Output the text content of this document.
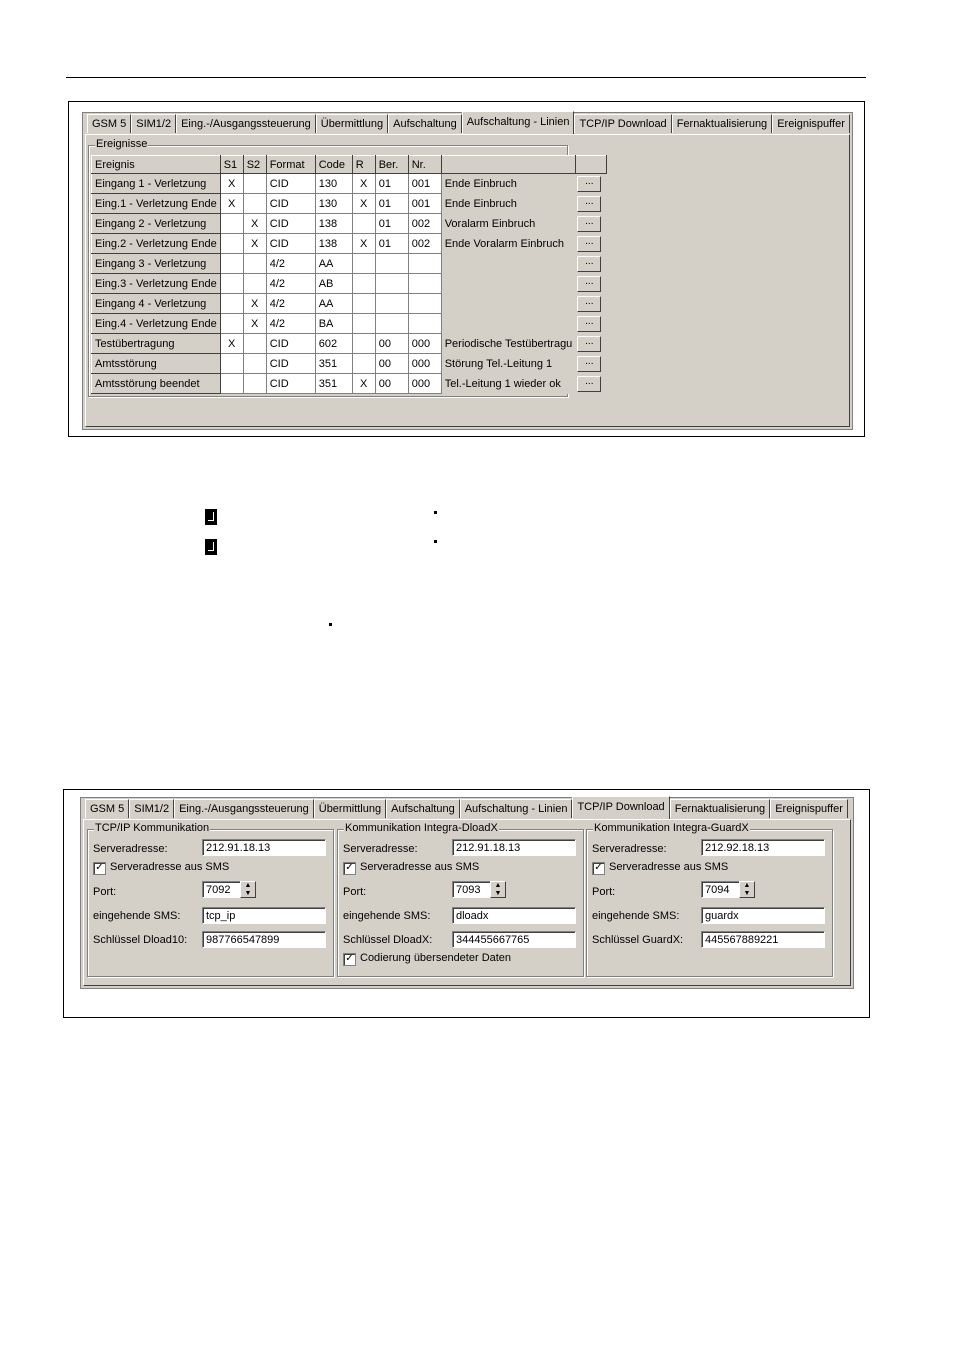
GSM 5 SIM1/2 Eing.-/Ausgangssteuerung Übermittlung Aufschaltung Aufschaltung - Linien TCP/IP Download Fernaktualisierung Ereignispuffer
Ereignisse
Ereignis	S1	S2	Format	Code	R	Ber.	Nr.		
Eingang 1 - Verletzung	X		CID	130	X	01	001	Ende Einbruch	...

Eing.1 - Verletzung Ende	X		CID	130	X	01	001	Ende Einbruch	...

Eingang 2 - Verletzung		X	CID	138		01	002	Voralarm Einbruch	...

Eing.2 - Verletzung Ende		X	CID	138	X	01	002	Ende Voralarm Einbruch	...

Eingang 3 - Verletzung			4/2	AA					...

Eing.3 - Verletzung Ende			4/2	AB					...

Eingang 4 - Verletzung		X	4/2	AA					...

Eing.4 - Verletzung Ende		X	4/2	BA					...

Testübertragung	X		CID	602		00	000	Periodische Testübertragu	...

Amtsstörung			CID	351		00	000	Störung Tel.-Leitung 1	...

Amtsstörung beendet			CID	351	X	00	000	Tel.-Leitung 1 wieder ok	...
GSM 5 SIM1/2 Eing.-/Ausgangssteuerung Übermittlung Aufschaltung Aufschaltung - Linien TCP/IP Download Fernaktualisierung Ereignispuffer
TCP/IP Kommunikation
Serveradresse:	212.91.18.13
✓ Serveradresse aus SMS
Port:	7092	▲
▼
eingehende SMS:	tcp_ip
Schlüssel Dload10:	987766547899
Kommunikation Integra-DloadX
Serveradresse:	212.91.18.13
✓ Serveradresse aus SMS
Port:	7093	▲
▼
eingehende SMS:	dloadx
Schlüssel DloadX:	344455667765
✓ Codierung übersendeter Daten
Kommunikation Integra-GuardX
Serveradresse:	212.92.18.13
✓ Serveradresse aus SMS
Port:	7094	▲
▼
eingehende SMS:	guardx
Schlüssel GuardX:	445567889221
